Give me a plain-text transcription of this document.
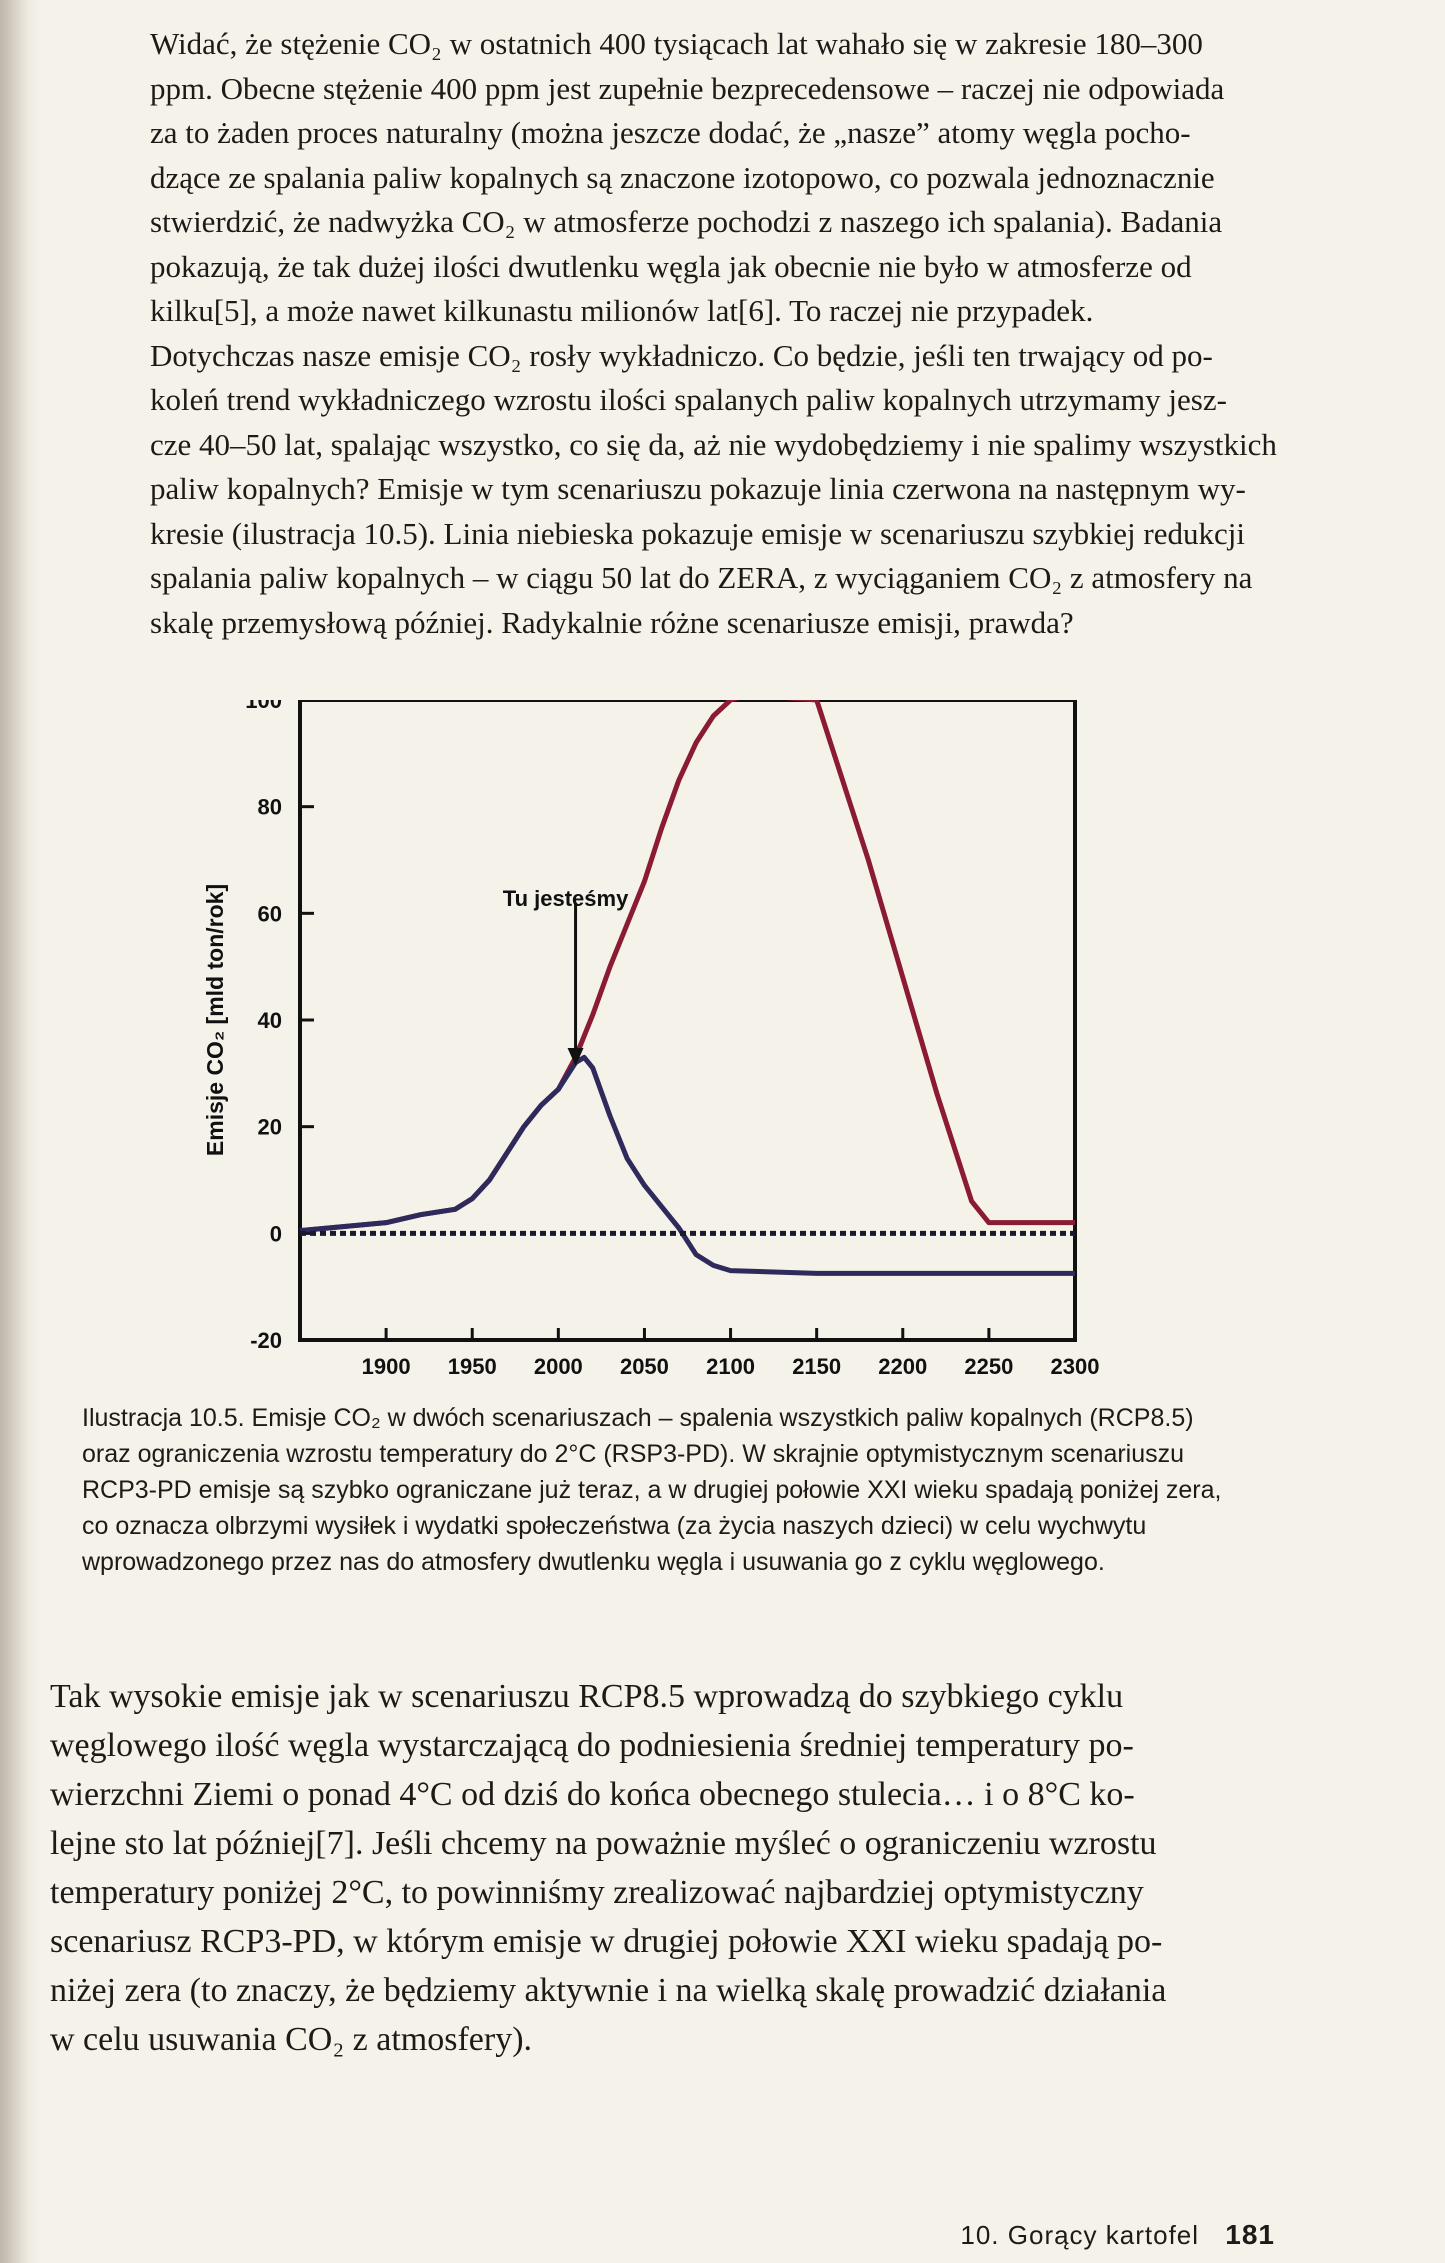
Widać, że stężenie CO₂ w ostatnich 400 tysiącach lat wahało się w zakresie 180–300
ppm. Obecne stężenie 400 ppm jest zupełnie bezprecedensowe – raczej nie odpowiada
za to żaden proces naturalny (można jeszcze dodać, że „nasze” atomy węgla pocho-
dzące ze spalania paliw kopalnych są znaczone izotopowo, co pozwala jednoznacznie
stwierdzić, że nadwyżka CO₂ w atmosferze pochodzi z naszego ich spalania). Badania
pokazują, że tak dużej ilości dwutlenku węgla jak obecnie nie było w atmosferze od
kilku[5], a może nawet kilkunastu milionów lat[6]. To raczej nie przypadek.
Dotychczas nasze emisje CO₂ rosły wykładniczo. Co będzie, jeśli ten trwający od po-
koleń trend wykładniczego wzrostu ilości spalanych paliw kopalnych utrzymamy jesz-
cze 40–50 lat, spalając wszystko, co się da, aż nie wydobędziemy i nie spalimy wszystkich
paliw kopalnych? Emisje w tym scenariuszu pokazuje linia czerwona na następnym wy-
kresie (ilustracja 10.5). Linia niebieska pokazuje emisje w scenariuszu szybkiej redukcji
spalania paliw kopalnych – w ciągu 50 lat do ZERA, z wyciąganiem CO₂ z atmosfery na
skalę przemysłową później. Radykalnie różne scenariusze emisji, prawda?
100
80
60
40
20
0
-20
1900 1950 2000 2050 2100 2150 2200 2250 2300
Emisje CO₂ [mld ton/rok]	Tu jesteśmy
Ilustracja 10.5. Emisje CO₂ w dwóch scenariuszach – spalenia wszystkich paliw kopalnych (RCP8.5)
oraz ograniczenia wzrostu temperatury do 2°C (RSP3-PD). W skrajnie optymistycznym scenariuszu
RCP3-PD emisje są szybko ograniczane już teraz, a w drugiej połowie XXI wieku spadają poniżej zera,
co oznacza olbrzymi wysiłek i wydatki społeczeństwa (za życia naszych dzieci) w celu wychwytu
wprowadzonego przez nas do atmosfery dwutlenku węgla i usuwania go z cyklu węglowego.
Tak wysokie emisje jak w scenariuszu RCP8.5 wprowadzą do szybkiego cyklu
węglowego ilość węgla wystarczającą do podniesienia średniej temperatury po-
wierzchni Ziemi o ponad 4°C od dziś do końca obecnego stulecia… i o 8°C ko-
lejne sto lat później[7]. Jeśli chcemy na poważnie myśleć o ograniczeniu wzrostu
temperatury poniżej 2°C, to powinniśmy zrealizować najbardziej optymistyczny
scenariusz RCP3-PD, w którym emisje w drugiej połowie XXI wieku spadają po-
niżej zera (to znaczy, że będziemy aktywnie i na wielką skalę prowadzić działania
w celu usuwania CO₂ z atmosfery).
10. Gorący kartofel 181
